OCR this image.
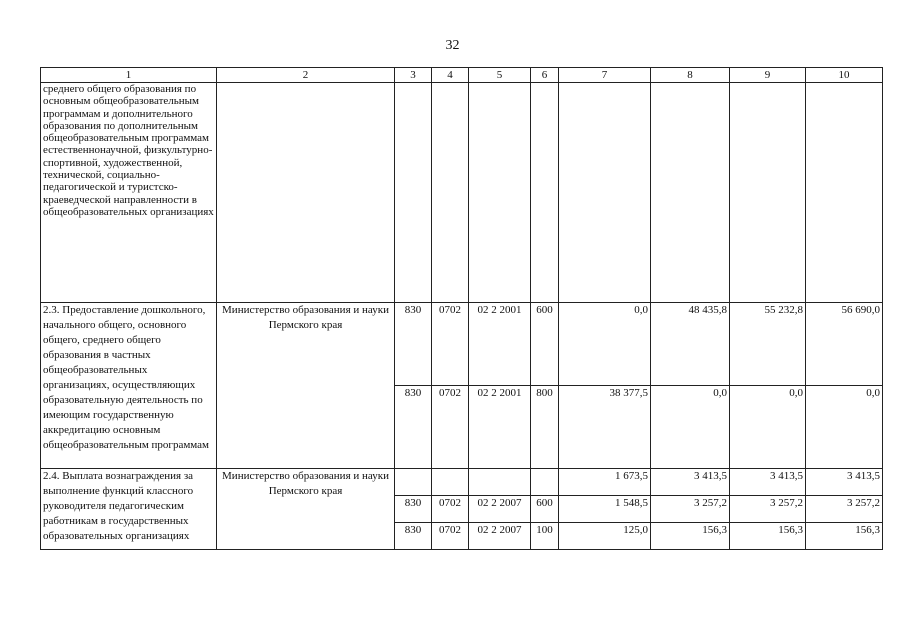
32
1	2	3	4	5	6	7	8	9	10
среднего общего образования по основным общеобразовательным программам и дополнительного образования по дополнительным общеобразовательным программам естественнонаучной, физкультурно-спортивной, художественной, технической, социально-педагогической и туристско-краеведческой направленности в общеобразовательных организациях									
2.3. Предоставление дошкольного, начального общего, основного общего, среднего общего образования в частных общеобразовательных организациях, осуществляющих образовательную деятельность по имеющим государственную аккредитацию основным общеобразовательным программам	Министерство образования и науки Пермского края	830	0702	02 2 2001	600	0,0	48 435,8	55 232,8	56 690,0
		830	0702	02 2 2001	800	38 377,5	0,0	0,0	0,0
2.4. Выплата вознаграждения за выполнение функций классного руководителя педагогическим работникам в государственных образовательных организациях	Министерство образования и науки Пермского края					1 673,5	3 413,5	3 413,5	3 413,5
		830	0702	02 2 2007	600	1 548,5	3 257,2	3 257,2	3 257,2
		830	0702	02 2 2007	100	125,0	156,3	156,3	156,3
